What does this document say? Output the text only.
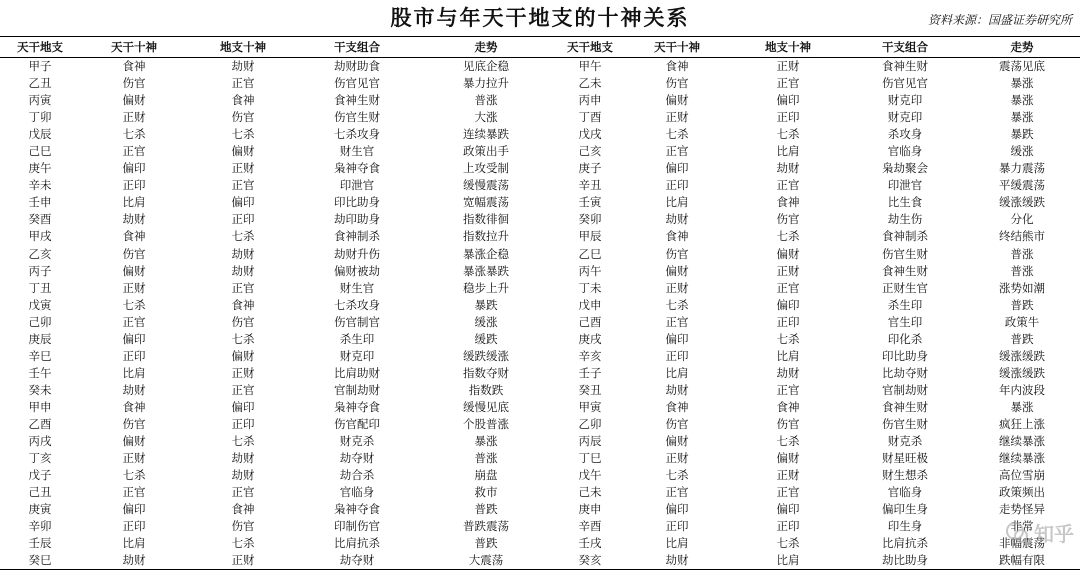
股市与年天干地支的十神关系	资料来源：国盛证券研究所
天干地支	天干十神	地支十神	干支组合	走势	天干地支	天干十神	地支十神	干支组合	走势
甲子	食神	劫财	劫财助食	见底企稳	甲午	食神	正财	食神生财	震荡见底
乙丑	伤官	正官	伤官见官	暴力拉升	乙未	伤官	正官	伤官见官	暴涨
丙寅	偏财	食神	食神生财	普涨	丙申	偏财	偏印	财克印	暴涨
丁卯	正财	伤官	伤官生财	大涨	丁酉	正财	正印	财克印	暴涨
戊辰	七杀	七杀	七杀攻身	连续暴跌	戊戌	七杀	七杀	杀攻身	暴跌
己巳	正官	偏财	财生官	政策出手	己亥	正官	比肩	官临身	缓涨
庚午	偏印	正财	枭神夺食	上攻受制	庚子	偏印	劫财	枭劫聚会	暴力震荡
辛未	正印	正官	印泄官	缓慢震荡	辛丑	正印	正官	印泄官	平缓震荡
壬申	比肩	偏印	印比助身	宽幅震荡	壬寅	比肩	食神	比生食	缓涨缓跌
癸酉	劫财	正印	劫印助身	指数徘徊	癸卯	劫财	伤官	劫生伤	分化
甲戌	食神	七杀	食神制杀	指数拉升	甲辰	食神	七杀	食神制杀	终结熊市
乙亥	伤官	劫财	劫财升伤	暴涨企稳	乙巳	伤官	偏财	伤官生财	普涨
丙子	偏财	劫财	偏财被劫	暴涨暴跌	丙午	偏财	正财	食神生财	普涨
丁丑	正财	正官	财生官	稳步上升	丁未	正财	正官	正财生官	涨势如潮
戊寅	七杀	食神	七杀攻身	暴跌	戊申	七杀	偏印	杀生印	普跌
己卯	正官	伤官	伤官制官	缓涨	己酉	正官	正印	官生印	政策牛
庚辰	偏印	七杀	杀生印	缓跌	庚戌	偏印	七杀	印化杀	普跌
辛巳	正印	偏财	财克印	缓跌缓涨	辛亥	正印	比肩	印比助身	缓涨缓跌
壬午	比肩	正财	比肩助财	指数夺财	壬子	比肩	劫财	比劫夺财	缓涨缓跌
癸未	劫财	正官	官制劫财	指数跌	癸丑	劫财	正官	官制劫财	年内波段
甲申	食神	偏印	枭神夺食	缓慢见底	甲寅	食神	食神	食神生财	暴涨
乙酉	伤官	正印	伤官配印	个股普涨	乙卯	伤官	伤官	伤官生财	疯狂上涨
丙戌	偏财	七杀	财克杀	暴涨	丙辰	偏财	七杀	财克杀	继续暴涨
丁亥	正财	劫财	劫夺财	普涨	丁巳	正财	偏财	财星旺极	继续暴涨
戊子	七杀	劫财	劫合杀	崩盘	戊午	七杀	正财	财生想杀	高位雪崩
己丑	正官	正官	官临身	救市	己未	正官	正官	官临身	政策频出
庚寅	偏印	食神	枭神夺食	普跌	庚申	偏印	偏印	偏印生身	走势怪异
辛卯	正印	伤官	印制伤官	普跌震荡	辛酉	正印	正印	印生身	非常
壬辰	比肩	七杀	比肩抗杀	普跌	壬戌	比肩	七杀	比肩抗杀	非幅震荡
癸巳	劫财	正财	劫夺财	大震荡	癸亥	劫财	比肩	劫比助身	跌幅有限
知乎
